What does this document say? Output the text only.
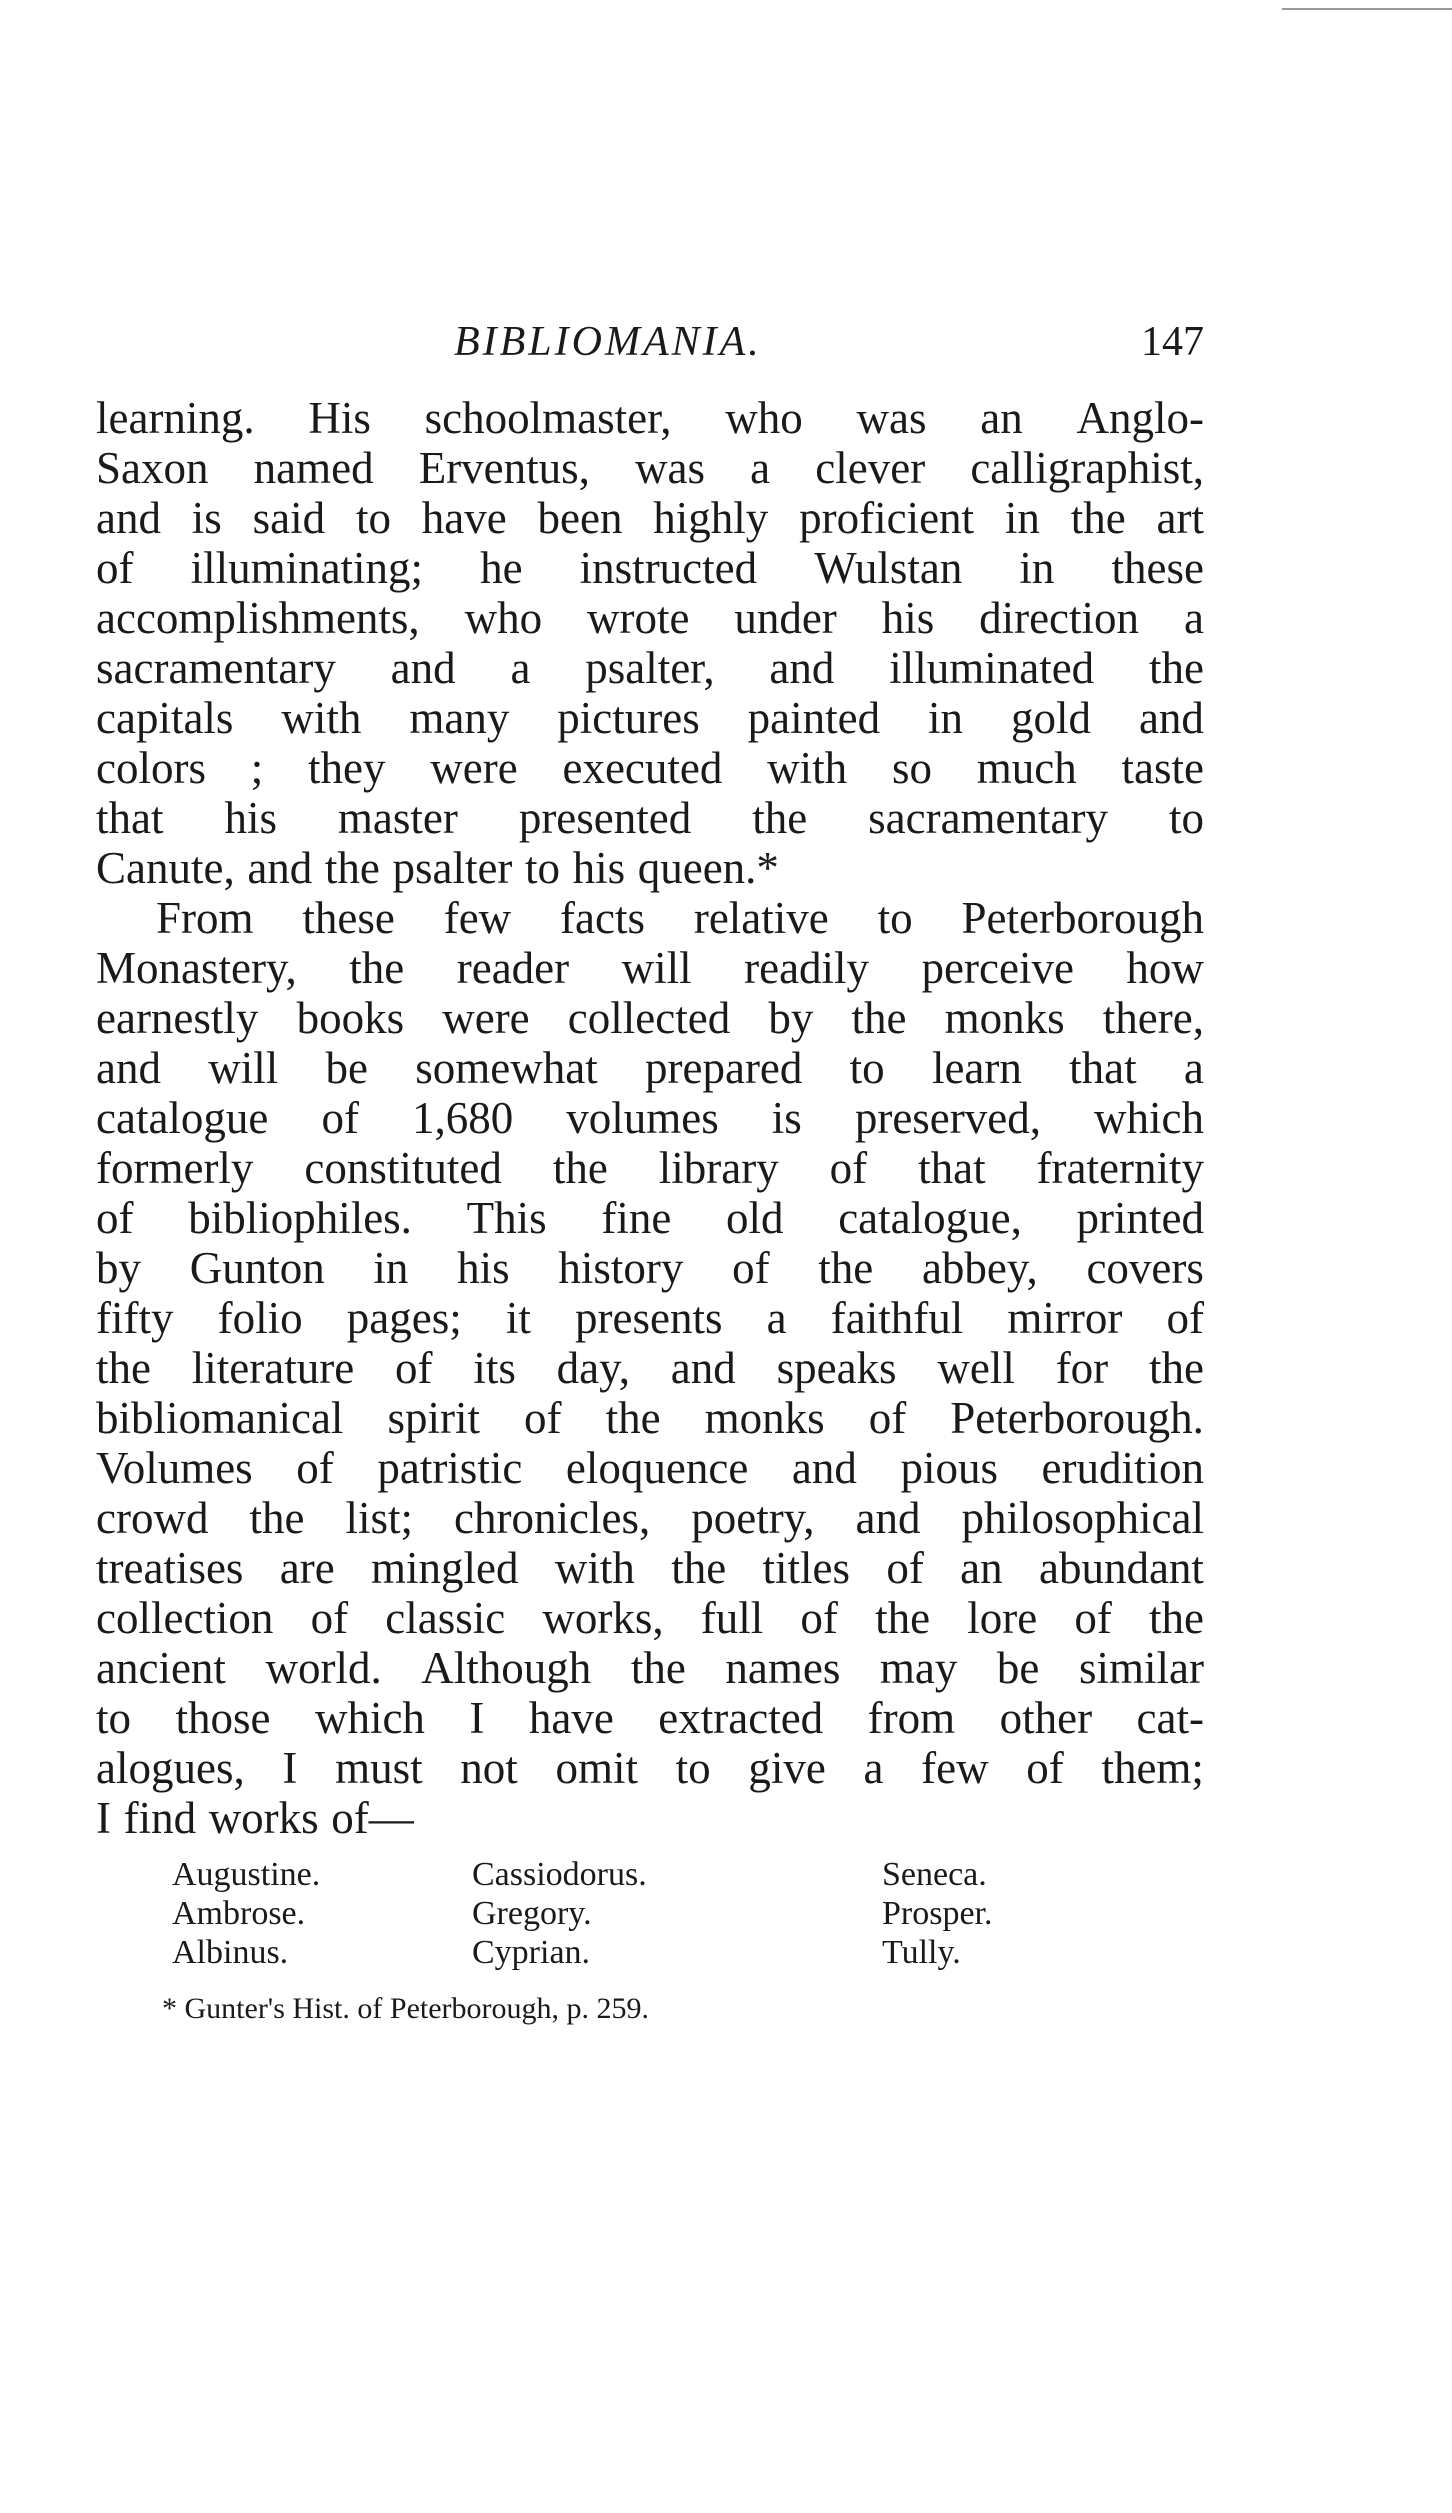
BIBLIOMANIA.	147
learning. His schoolmaster, who was an Anglo-
Saxon named Erventus, was a clever calligraphist,
and is said to have been highly proficient in the art
of illuminating; he instructed Wulstan in these
accomplishments, who wrote under his direction a
sacramentary and a psalter, and illuminated the
capitals with many pictures painted in gold and
colors ; they were executed with so much taste
that his master presented the sacramentary to
Canute, and the psalter to his queen.*
From these few facts relative to Peterborough
Monastery, the reader will readily perceive how
earnestly books were collected by the monks there,
and will be somewhat prepared to learn that a
catalogue of 1,680 volumes is preserved, which
formerly constituted the library of that fraternity
of bibliophiles. This fine old catalogue, printed
by Gunton in his history of the abbey, covers
fifty folio pages; it presents a faithful mirror of
the literature of its day, and speaks well for the
bibliomanical spirit of the monks of Peterborough.
Volumes of patristic eloquence and pious erudition
crowd the list; chronicles, poetry, and philosophical
treatises are mingled with the titles of an abundant
collection of classic works, full of the lore of the
ancient world. Although the names may be similar
to those which I have extracted from other cat-
alogues, I must not omit to give a few of them;
I find works of—
Augustine.	Cassiodorus.	Seneca.
Ambrose.	Gregory.	Prosper.
Albinus.	Cyprian.	Tully.
* Gunter's Hist. of Peterborough, p. 259.
